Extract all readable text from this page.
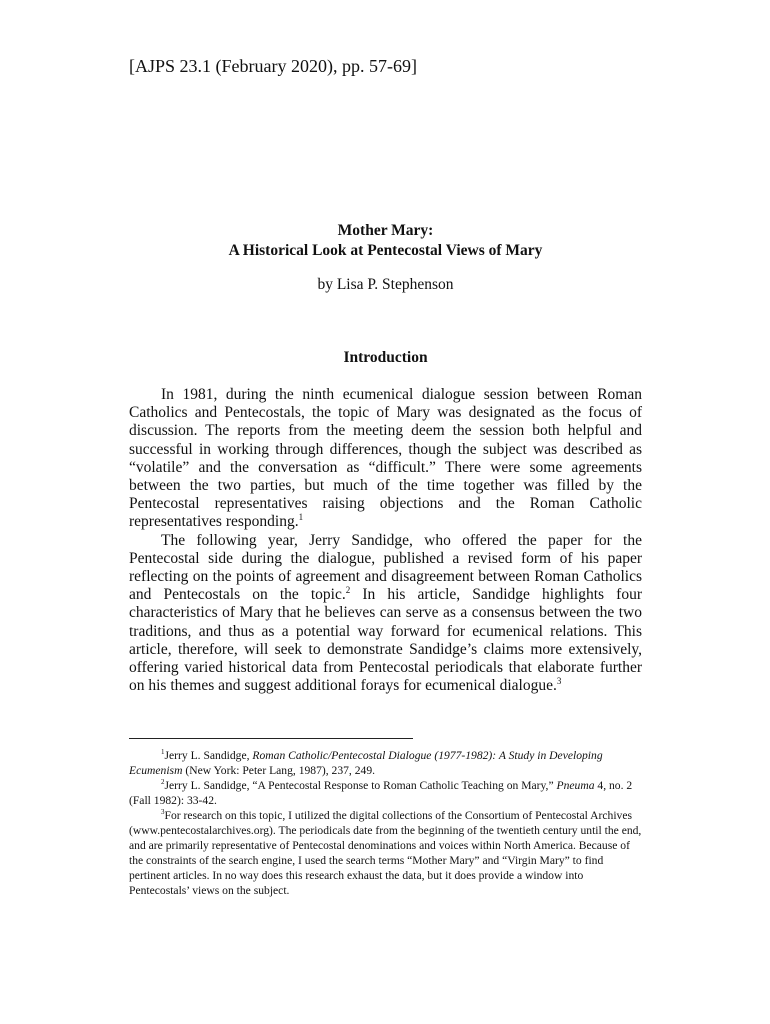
[AJPS 23.1 (February 2020), pp. 57-69]
Mother Mary:
A Historical Look at Pentecostal Views of Mary
by Lisa P. Stephenson
Introduction

In 1981, during the ninth ecumenical dialogue session between Roman Catholics and Pentecostals, the topic of Mary was designated as the focus of discussion. The reports from the meeting deem the session both helpful and successful in working through differences, though the subject was described as “volatile” and the conversation as “difficult.” There were some agreements between the two parties, but much of the time together was filled by the Pentecostal representatives raising objections and the Roman Catholic representatives responding.$^1$

The following year, Jerry Sandidge, who offered the paper for the Pentecostal side during the dialogue, published a revised form of his paper reflecting on the points of agreement and disagreement between Roman Catholics and Pentecostals on the topic.$^2$ In his article, Sandidge highlights four characteristics of Mary that he believes can serve as a consensus between the two traditions, and thus as a potential way forward for ecumenical relations. This article, therefore, will seek to demonstrate Sandidge’s claims more extensively, offering varied historical data from Pentecostal periodicals that elaborate further on his themes and suggest additional forays for ecumenical dialogue.$^3$

$^1$Jerry L. Sandidge, Roman Catholic/Pentecostal Dialogue (1977-1982): A Study in Developing Ecumenism (New York: Peter Lang, 1987), 237, 249.

$^2$Jerry L. Sandidge, “A Pentecostal Response to Roman Catholic Teaching on Mary,” Pneuma 4, no. 2 (Fall 1982): 33-42.

$^3$For research on this topic, I utilized the digital collections of the Consortium of Pentecostal Archives (www.pentecostalarchives.org). The periodicals date from the beginning of the twentieth century until the end, and are primarily representative of Pentecostal denominations and voices within North America. Because of the constraints of the search engine, I used the search terms “Mother Mary” and “Virgin Mary” to find pertinent articles. In no way does this research exhaust the data, but it does provide a window into Pentecostals’ views on the subject.
